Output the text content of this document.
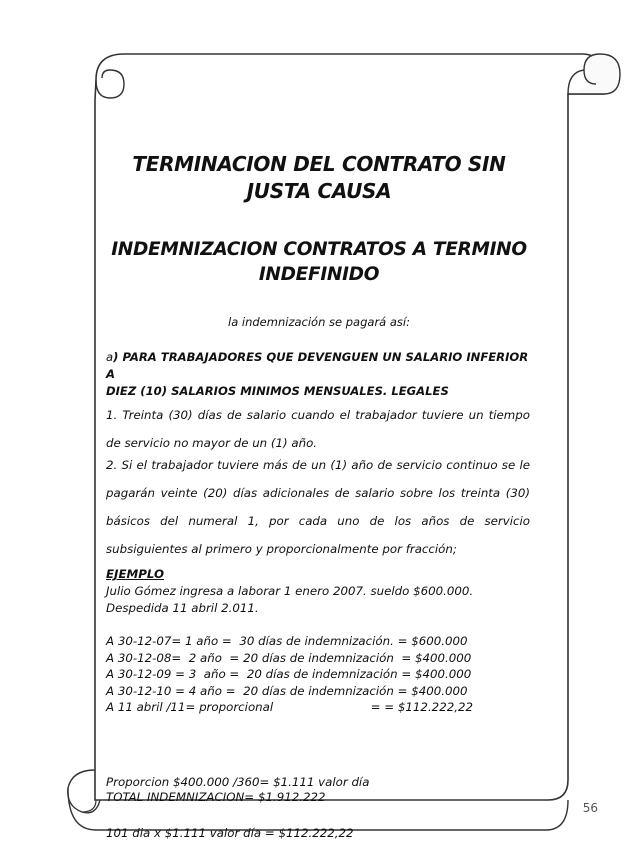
TERMINACION DEL CONTRATO SIN
JUSTA CAUSA
INDEMNIZACION CONTRATOS A TERMINO
INDEFINIDO
la indemnización se pagará así:
a) PARA TRABAJADORES QUE DEVENGUEN UN SALARIO INFERIOR A
DIEZ (10) SALARIOS MINIMOS MENSUALES. LEGALES
1. Treinta (30) días de salario cuando el trabajador tuviere un tiempo de servicio no mayor de un (1) año.
2. Si el trabajador tuviere más de un (1) año de servicio continuo se le pagarán veinte (20) días adicionales de salario sobre los treinta (30) básicos del numeral 1, por cada uno de los años de servicio subsiguientes al primero y proporcionalmente por fracción;
EJEMPLO
Julio Gómez ingresa a laborar 1 enero 2007. sueldo $600.000.
Despedida 11 abril 2.011.
A 30-12-07= 1 año =  30 días de indemnización. = $600.000
A 30-12-08=  2 año  = 20 días de indemnización  = $400.000
A 30-12-09 = 3  año =  20 días de indemnización = $400.000
A 30-12-10 = 4 año =  20 días de indemnización = $400.000
A 11 abril /11= proporcional                          = = $112.222,22

Proporcion $400.000 /360= $1.111 valor día

101 dia x $1.111 valor día = $112.222,22

TOTAL INDEMNIZACION= $1.912.222
56
